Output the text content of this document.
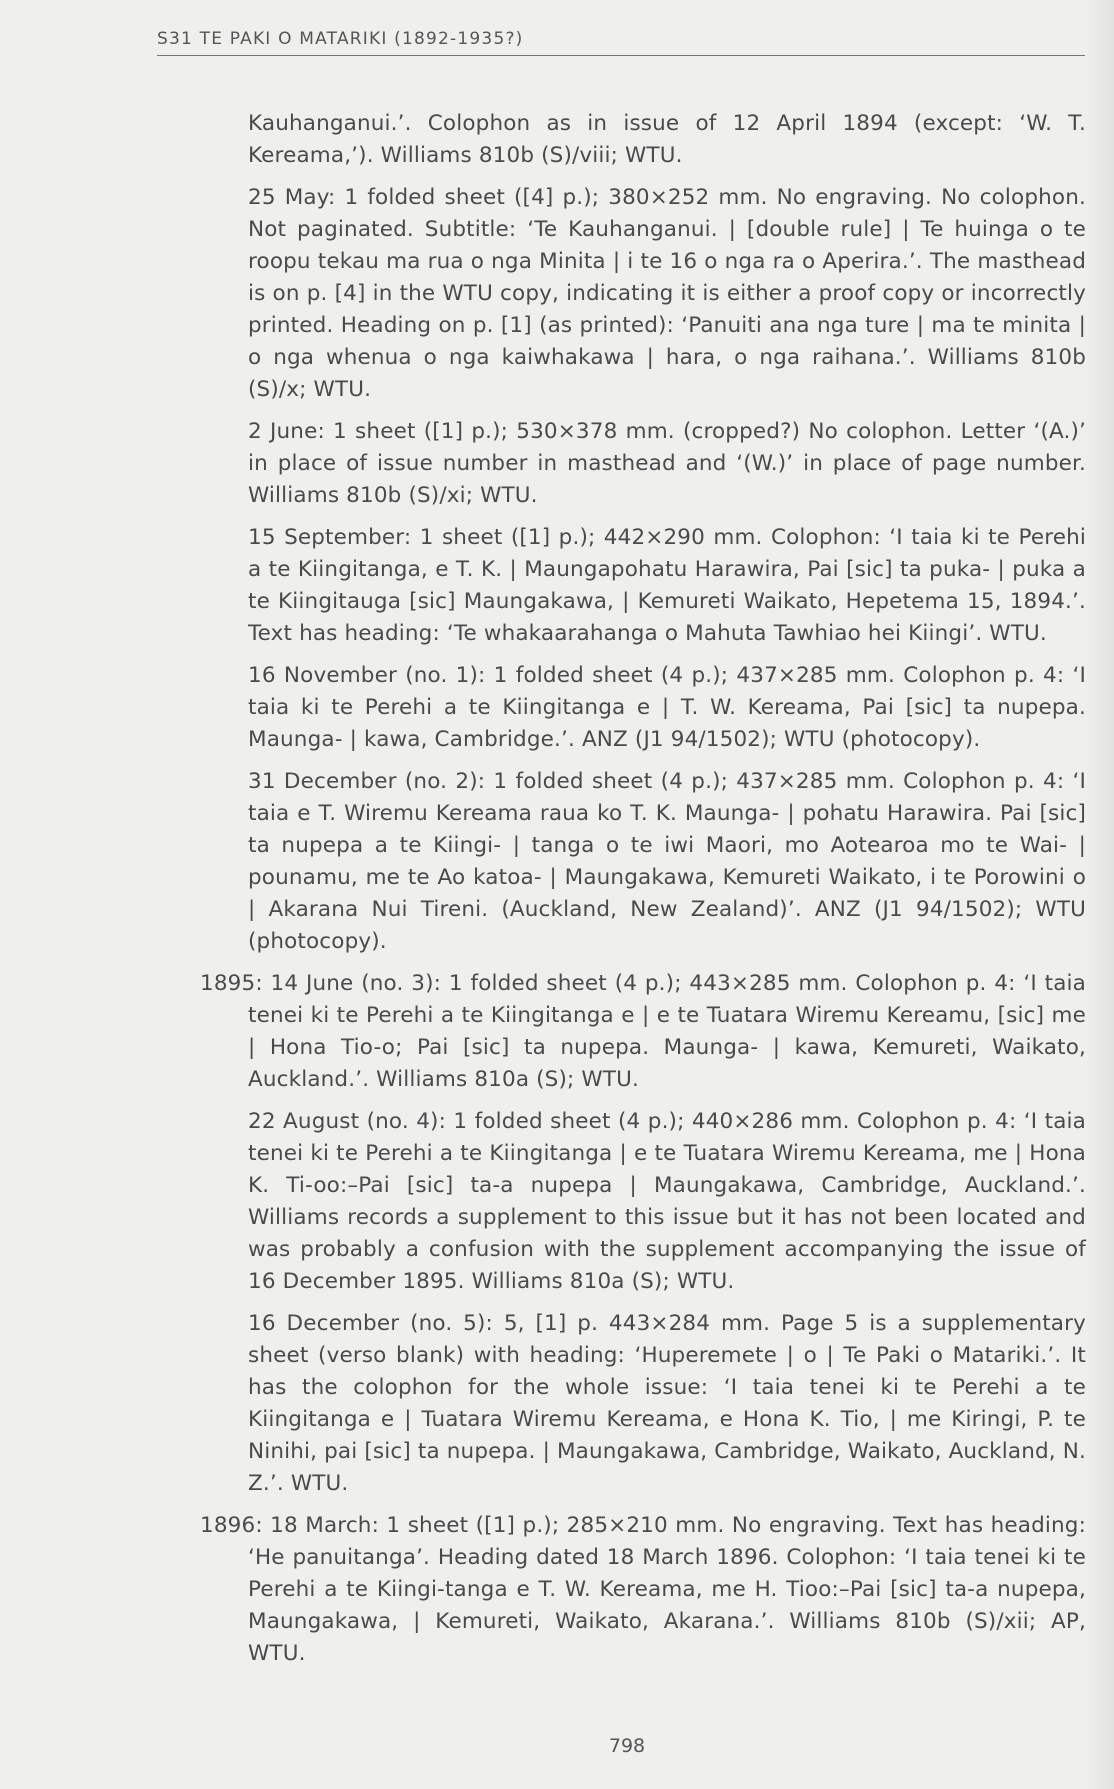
S31 TE PAKI O MATARIKI (1892-1935?)

Kauhanganui.’. Colophon as in issue of 12 April 1894 (except: ‘W. T. Kereama,’). Williams 810b (S)/viii; WTU.

25 May: 1 folded sheet ([4] p.); 380×252 mm. No engraving. No colophon. Not paginated. Subtitle: ‘Te Kauhanganui. | [double rule] | Te huinga o te roopu tekau ma rua o nga Minita | i te 16 o nga ra o Aperira.’. The masthead is on p. [4] in the WTU copy, indicating it is either a proof copy or incorrectly printed. Heading on p. [1] (as printed): ‘Panuiti ana nga ture | ma te minita | o nga whenua o nga kaiwhakawa | hara, o nga raihana.’. Williams 810b (S)/x; WTU.

2 June: 1 sheet ([1] p.); 530×378 mm. (cropped?) No colophon. Letter ‘(A.)’ in place of issue number in masthead and ‘(W.)’ in place of page number. Williams 810b (S)/xi; WTU.

15 September: 1 sheet ([1] p.); 442×290 mm. Colophon: ‘I taia ki te Perehi a te Kiingitanga, e T. K. | Maungapohatu Harawira, Pai [sic] ta puka- | puka a te Kiingitauga [sic] Maungakawa, | Kemureti Waikato, Hepetema 15, 1894.’. Text has heading: ‘Te whakaarahanga o Mahuta Tawhiao hei Kiingi’. WTU.

16 November (no. 1): 1 folded sheet (4 p.); 437×285 mm. Colophon p. 4: ‘I taia ki te Perehi a te Kiingitanga e | T. W. Kereama, Pai [sic] ta nupepa. Maunga- | kawa, Cambridge.’. ANZ (J1 94/1502); WTU (photocopy).

31 December (no. 2): 1 folded sheet (4 p.); 437×285 mm. Colophon p. 4: ‘I taia e T. Wiremu Kereama raua ko T. K. Maunga- | pohatu Harawira. Pai [sic] ta nupepa a te Kiingi- | tanga o te iwi Maori, mo Aotearoa mo te Wai- | pounamu, me te Ao katoa- | Maungakawa, Kemureti Waikato, i te Porowini o | Akarana Nui Tireni. (Auckland, New Zealand)’. ANZ (J1 94/1502); WTU (photocopy).

1895: 14 June (no. 3): 1 folded sheet (4 p.); 443×285 mm. Colophon p. 4: ‘I taia tenei ki te Perehi a te Kiingitanga e | e te Tuatara Wiremu Kereamu, [sic] me | Hona Tio-o; Pai [sic] ta nupepa. Maunga- | kawa, Kemureti, Waikato, Auckland.’. Williams 810a (S); WTU.

22 August (no. 4): 1 folded sheet (4 p.); 440×286 mm. Colophon p. 4: ‘I taia tenei ki te Perehi a te Kiingitanga | e te Tuatara Wiremu Kereama, me | Hona K. Ti-oo:–Pai [sic] ta-a nupepa | Maungakawa, Cambridge, Auckland.’. Williams records a supplement to this issue but it has not been located and was probably a confusion with the supplement accompanying the issue of 16 December 1895. Williams 810a (S); WTU.

16 December (no. 5): 5, [1] p. 443×284 mm. Page 5 is a supplementary sheet (verso blank) with heading: ‘Huperemete | o | Te Paki o Matariki.’. It has the colophon for the whole issue: ‘I taia tenei ki te Perehi a te Kiingitanga e | Tuatara Wiremu Kereama, e Hona K. Tio, | me Kiringi, P. te Ninihi, pai [sic] ta nupepa. | Maungakawa, Cambridge, Waikato, Auckland, N. Z.’. WTU.

1896: 18 March: 1 sheet ([1] p.); 285×210 mm. No engraving. Text has heading: ‘He panuitanga’. Heading dated 18 March 1896. Colophon: ‘I taia tenei ki te Perehi a te Kiingi-tanga e T. W. Kereama, me H. Tioo:–Pai [sic] ta-a nupepa, Maungakawa, | Kemureti, Waikato, Akarana.’. Williams 810b (S)/xii; AP, WTU.

798
